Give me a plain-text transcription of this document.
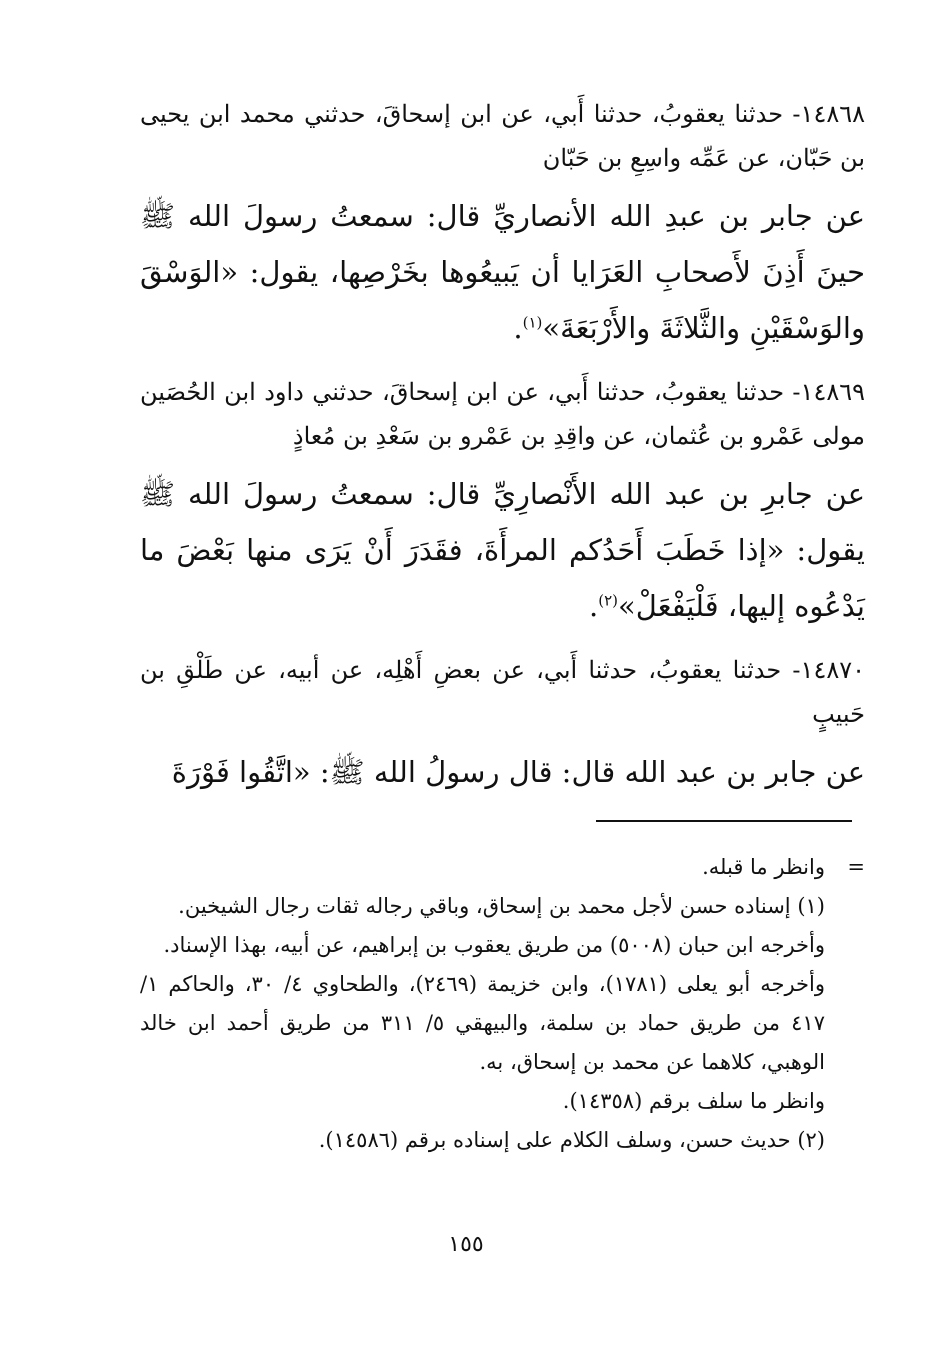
١٤٨٦٨- حدثنا يعقوبُ، حدثنا أَبي، عن ابن إسحاقَ، حدثني محمد ابن يحيى بن حَبّان، عن عَمِّه واسِعِ بن حَبّان

عن جابر بن عبدِ الله الأنصاريِّ قال: سمعتُ رسولَ الله ﷺ حينَ أَذِنَ لأَصحابِ العَرَايا أن يَبيعُوها بخَرْصِها، يقول: «الوَسْقَ والوَسْقَيْنِ والثَّلاثَةَ والأَرْبَعَةَ»$^{(١)}$.

١٤٨٦٩- حدثنا يعقوبُ، حدثنا أَبي، عن ابن إسحاقَ، حدثني داود ابن الحُصَين مولى عَمْرو بن عُثمان، عن واقِدِ بن عَمْرو بن سَعْدِ بن مُعاذٍ

عن جابرِ بن عبد الله الأَنْصارِيِّ قال: سمعتُ رسولَ الله ﷺ يقول: «إذا خَطَبَ أَحَدُكم المرأَةَ، فقَدَرَ أَنْ يَرَى منها بَعْضَ ما يَدْعُوه إليها، فَلْيَفْعَلْ»$^{(٢)}$.

١٤٨٧٠- حدثنا يعقوبُ، حدثنا أَبي، عن بعضِ أَهْلِه، عن أبيه، عن طَلْقِ بن حَبيبٍ

عن جابر بن عبد الله قال: قال رسولُ الله ﷺ: «اتَّقُوا فَوْرَةَ

=
وانظر ما قبله.

(١) إسناده حسن لأجل محمد بن إسحاق، وباقي رجاله ثقات رجال الشيخين.

وأخرجه ابن حبان (٥٠٠٨) من طريق يعقوب بن إبراهيم، عن أبيه، بهذا الإسناد.

وأخرجه أبو يعلى (١٧٨١)، وابن خزيمة (٢٤٦٩)، والطحاوي ٤/ ٣٠، والحاكم ١/ ٤١٧ من طريق حماد بن سلمة، والبيهقي ٥/ ٣١١ من طريق أحمد ابن خالد الوهبي، كلاهما عن محمد بن إسحاق، به.

وانظر ما سلف برقم (١٤٣٥٨).

(٢) حديث حسن، وسلف الكلام على إسناده برقم (١٤٥٨٦).

١٥٥
